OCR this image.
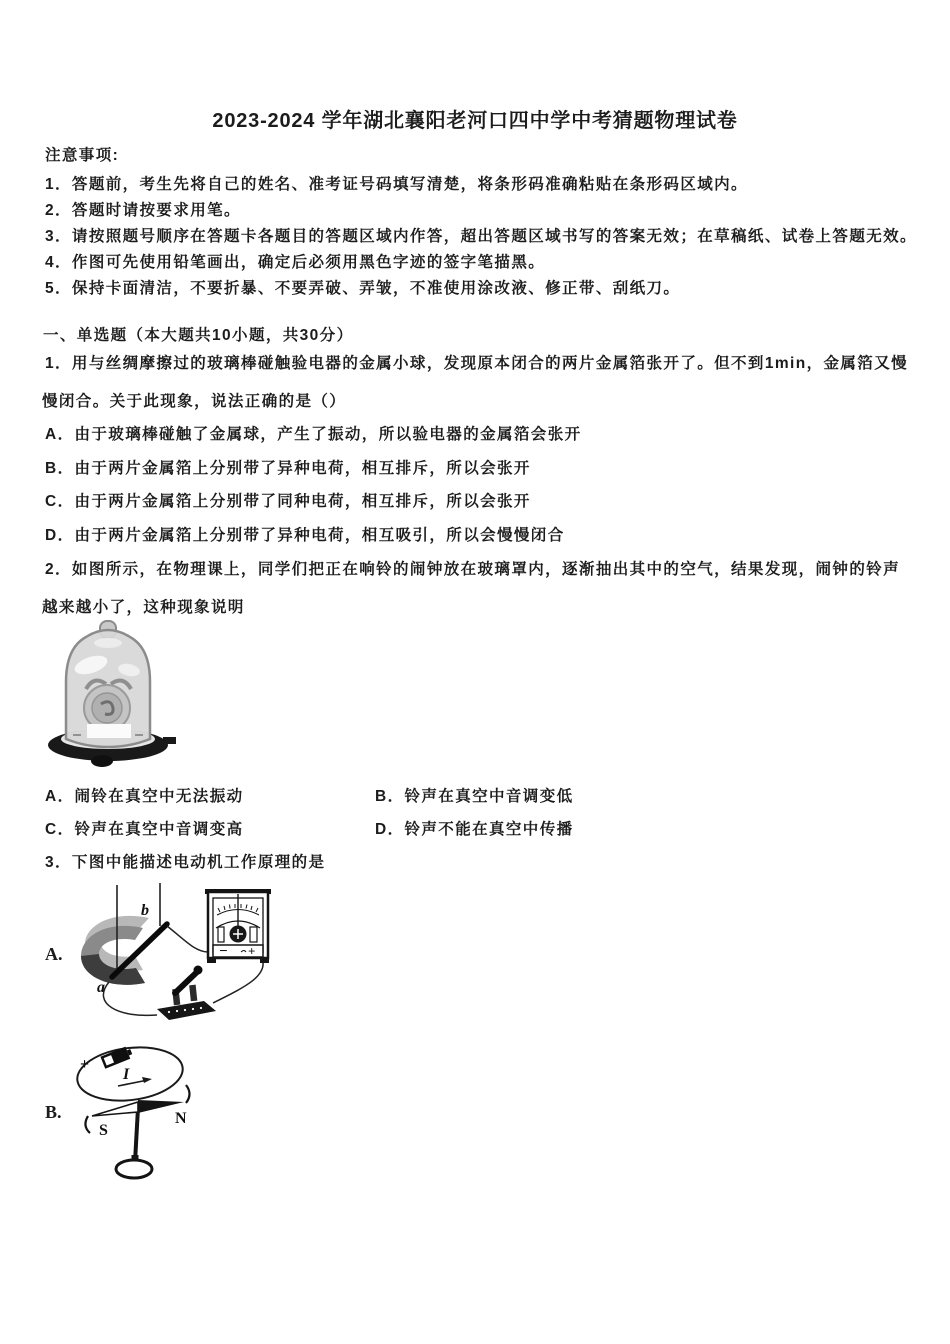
2023-2024 学年湖北襄阳老河口四中学中考猜题物理试卷
注意事项:
1．答题前，考生先将自己的姓名、准考证号码填写清楚，将条形码准确粘贴在条形码区域内。
2．答题时请按要求用笔。
3．请按照题号顺序在答题卡各题目的答题区域内作答，超出答题区域书写的答案无效；在草稿纸、试卷上答题无效。
4．作图可先使用铅笔画出，确定后必须用黑色字迹的签字笔描黑。
5．保持卡面清洁，不要折暴、不要弄破、弄皱，不准使用涂改液、修正带、刮纸刀。
一、单选题（本大题共10小题，共30分）
1．用与丝绸摩擦过的玻璃棒碰触验电器的金属小球，发现原本闭合的两片金属箔张开了。但不到1min，金属箔又慢
慢闭合。关于此现象，说法正确的是（）
A．由于玻璃棒碰触了金属球，产生了振动，所以验电器的金属箔会张开
B．由于两片金属箔上分别带了异种电荷，相互排斥，所以会张开
C．由于两片金属箔上分别带了同种电荷，相互排斥，所以会张开
D．由于两片金属箔上分别带了异种电荷，相互吸引，所以会慢慢闭合
2．如图所示，在物理课上，同学们把正在响铃的闹钟放在玻璃罩内，逐渐抽出其中的空气，结果发现，闹钟的铃声
越来越小了，这种现象说明
A．闹铃在真空中无法振动	B．铃声在真空中音调变低
C．铃声在真空中音调变高	D．铃声不能在真空中传播
3．下图中能描述电动机工作原理的是
A.
b
a
− +
B.
I
+
−
N
S
